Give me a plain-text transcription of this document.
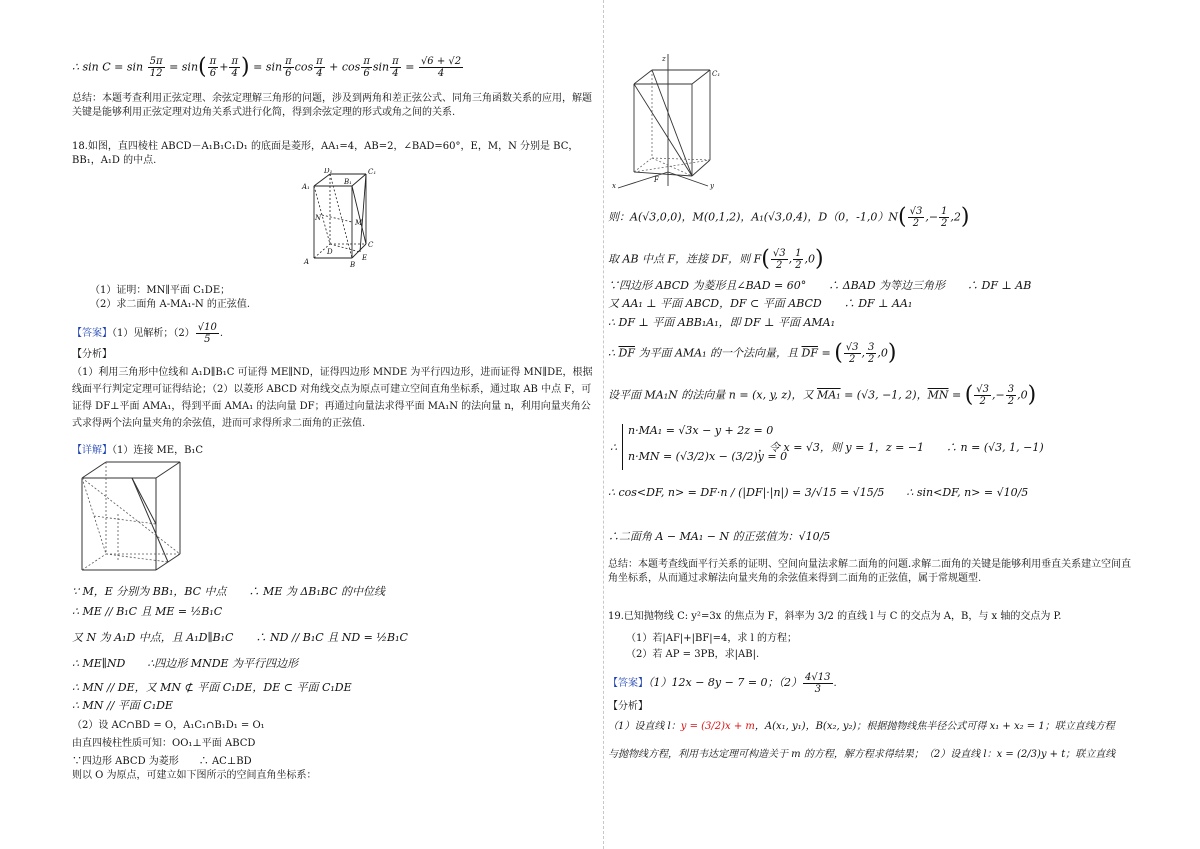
∴ $\sin C = \sin \frac{5\pi}{12} = \sin( \frac{\pi}{6} + \frac{\pi}{4}$ ) = $\sin \frac{\pi}{6}$ $\cos \frac{\pi}{4} + \cos \frac{\pi}{6}$ $\sin \frac{\pi}{4} = \frac{√6 + √2}{4}$
总结：本题考查利用正弦定理、余弦定理解三角形的问题，涉及到两角和差正弦公式、同角三角函数关系的应用，解题关键是能够利用正弦定理对边角关系式进行化简，得到余弦定理的形式或角之间的关系.
18.如图，直四棱柱 ABCD－A₁B₁C₁D₁ 的底面是菱形，AA₁=4，AB=2，∠BAD=60°，E，M，N 分别是 BC，BB₁，A₁D 的中点.
A₁
D₁
B₁
C₁
N
M
D
C
E
A	B
（1）证明：MN∥平面 C₁DE；
（2）求二面角 A-MA₁-N 的正弦值.
【答案】（1）见解析；$(2) \frac{√10}{5}$ .
【分析】
（1）利用三角形中位线和 A₁D∥B₁C 可证得 ME∥ND，证得四边形 MNDE 为平行四边形，进而证得 MN∥DE，根据线面平行判定定理可证得结论；（2）以菱形 ABCD 对角线交点为原点可建立空间直角坐标系，通过取 AB 中点 F，可证得 DF⊥平面 AMA₁，得到平面 AMA₁ 的法向量 DF；再通过向量法求得平面 MA₁N 的法向量 n，利用向量夹角公式求得两个法向量夹角的余弦值，进而可求得所求二面角的正弦值.
【详解】（1）连接 ME，B₁C
∵ M，E 分别为 BB₁，BC 中点　　∴ ME 为 ΔB₁BC 的中位线
∴ ME // B₁C 且 ME = ½B₁C
又 N 为 A₁D 中点，且 A₁D∥B₁C　　∴ ND // B₁C 且 ND = ½B₁C
∴ ME∥ND　　∴四边形 MNDE 为平行四边形
∴ MN // DE，又 MN ⊄ 平面 C₁DE，DE ⊂ 平面 C₁DE
∴ MN // 平面 C₁DE
（2）设 AC∩BD = O，A₁C₁∩B₁D₁ = O₁
由直四棱柱性质可知：OO₁⊥平面 ABCD
∵四边形 ABCD 为菱形　　∴ AC⊥BD
则以 O 为原点，可建立如下图所示的空间直角坐标系：
z
C₁
x
F
y
则：A(√3,0,0)，M(0,1,2)，A₁(√3,0,4)，D（0，$-1,0)N( \frac{√3}{2}$ ,− $\frac{1}{2} ,2$)
取 AB 中点 F，连接 DF，则 $F( \frac{√3}{2}$ , $\frac{1}{2} ,0$)
∵四边形 ABCD 为菱形且∠BAD = 60°　　∴ ΔBAD 为等边三角形　　∴ DF ⊥ AB
又 AA₁ ⊥ 平面 ABCD，DF ⊂ 平面 ABCD　　∴ DF ⊥ AA₁
∴ DF ⊥ 平面 ABB₁A₁，即 DF ⊥ 平面 AMA₁
∴ $\overline{DF}$ 为平面 AMA₁ 的一个法向量，且 $\overline{DF}$ = ( $\frac{√3}{2}$ , $\frac{3}{2} ,0$)
设平面 MA₁N 的法向量 n = (x, y, z)，又 MA₁ = (√3, −1, 2)，$\overline{MN}$ = ( $\frac{√3}{2}$ ,− $\frac{3}{2} ,0$)
∴
n·MA₁ = √3x − y + 2z = 0
n·MN = (√3/2)x − (3/2)y = 0
，令 x = √3，则 y = 1，z = −1　　∴ n = (√3, 1, −1)
∴ cos<DF, n> = DF·n / (|DF|·|n|) = 3/√15 = √15/5　　∴ sin<DF, n> = √10/5
∴二面角 A − MA₁ − N 的正弦值为：√10/5
总结：本题考查线面平行关系的证明、空间向量法求解二面角的问题.求解二面角的关键是能够利用垂直关系建立空间直角坐标系，从而通过求解法向量夹角的余弦值来得到二面角的正弦值，属于常规题型.
19.已知抛物线 C: y²=3x 的焦点为 F，斜率为 3/2 的直线 l 与 C 的交点为 A，B，与 x 轴的交点为 P.
（1）若|AF|+|BF|=4，求 l 的方程；
（2）若 AP = 3PB，求|AB|.
【答案】（1）12x − 8y − 7 = 0；$(2) \frac{4√13}{3}$ .
【分析】
（1）设直线 l：y = (3/2)x + m，A(x₁, y₁)，B(x₂, y₂)；根据抛物线焦半径公式可得 x₁ + x₂ = 1；联立直线方程
与抛物线方程，利用韦达定理可构造关于 m 的方程，解方程求得结果；（2）设直线 l：x = (2/3)y + t；联立直线
